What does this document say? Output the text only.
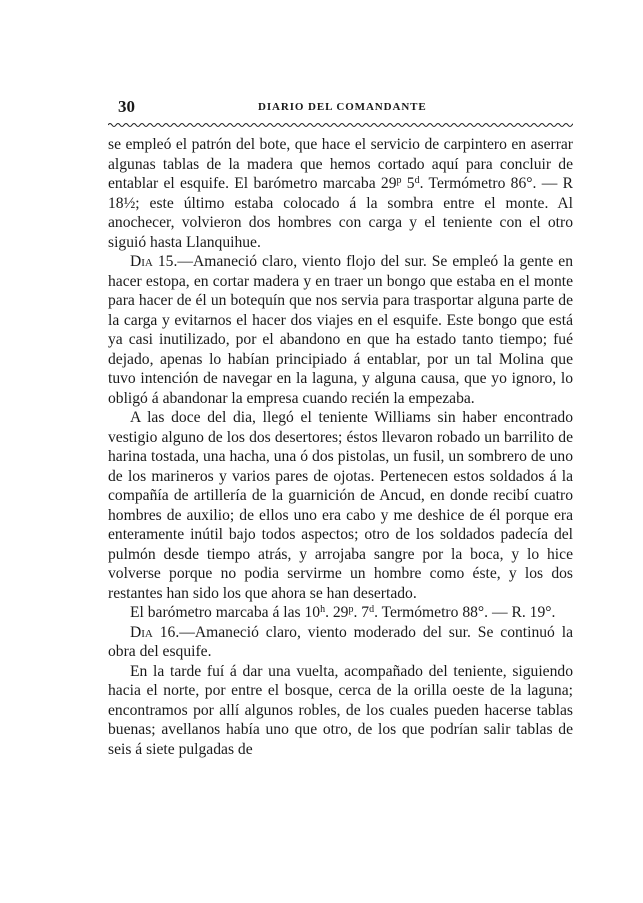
30	DIARIO DEL COMANDANTE

se empleó el patrón del bote, que hace el servicio de carpintero en aserrar algunas tablas de la madera que hemos cortado aquí para concluir de entablar el esquife. El barómetro marcaba 29$^p$ 5$^d$. Termómetro 86°. — R 18½; este último estaba colocado á la sombra entre el monte. Al anochecer, volvieron dos hombres con carga y el teniente con el otro siguió hasta Llanquihue.

Dia 15.—Amaneció claro, viento flojo del sur. Se empleó la gente en hacer estopa, en cortar madera y en traer un bongo que estaba en el monte para hacer de él un botequín que nos servia para trasportar alguna parte de la carga y evitarnos el hacer dos viajes en el esquife. Este bongo que está ya casi inutilizado, por el abandono en que ha estado tanto tiempo; fué dejado, apenas lo habían principiado á entablar, por un tal Molina que tuvo intención de navegar en la laguna, y alguna causa, que yo ignoro, lo obligó á abandonar la empresa cuando recién la empezaba.

A las doce del dia, llegó el teniente Williams sin haber encontrado vestigio alguno de los dos desertores; éstos llevaron robado un barrilito de harina tostada, una hacha, una ó dos pistolas, un fusil, un sombrero de uno de los marineros y varios pares de ojotas. Pertenecen estos soldados á la compañía de artillería de la guarnición de Ancud, en donde recibí cuatro hombres de auxilio; de ellos uno era cabo y me deshice de él porque era enteramente inútil bajo todos aspectos; otro de los soldados padecía del pulmón desde tiempo atrás, y arrojaba sangre por la boca, y lo hice volverse porque no podia servirme un hombre como éste, y los dos restantes han sido los que ahora se han desertado.

El barómetro marcaba á las 10$^h$. 29$^p$. 7$^d$. Termómetro 88°. — R. 19°.

Dia 16.—Amaneció claro, viento moderado del sur. Se continuó la obra del esquife.

En la tarde fuí á dar una vuelta, acompañado del teniente, siguiendo hacia el norte, por entre el bosque, cerca de la orilla oeste de la laguna; encontramos por allí algunos robles, de los cuales pueden hacerse tablas buenas; avellanos había uno que otro, de los que podrían salir tablas de seis á siete pulgadas de
